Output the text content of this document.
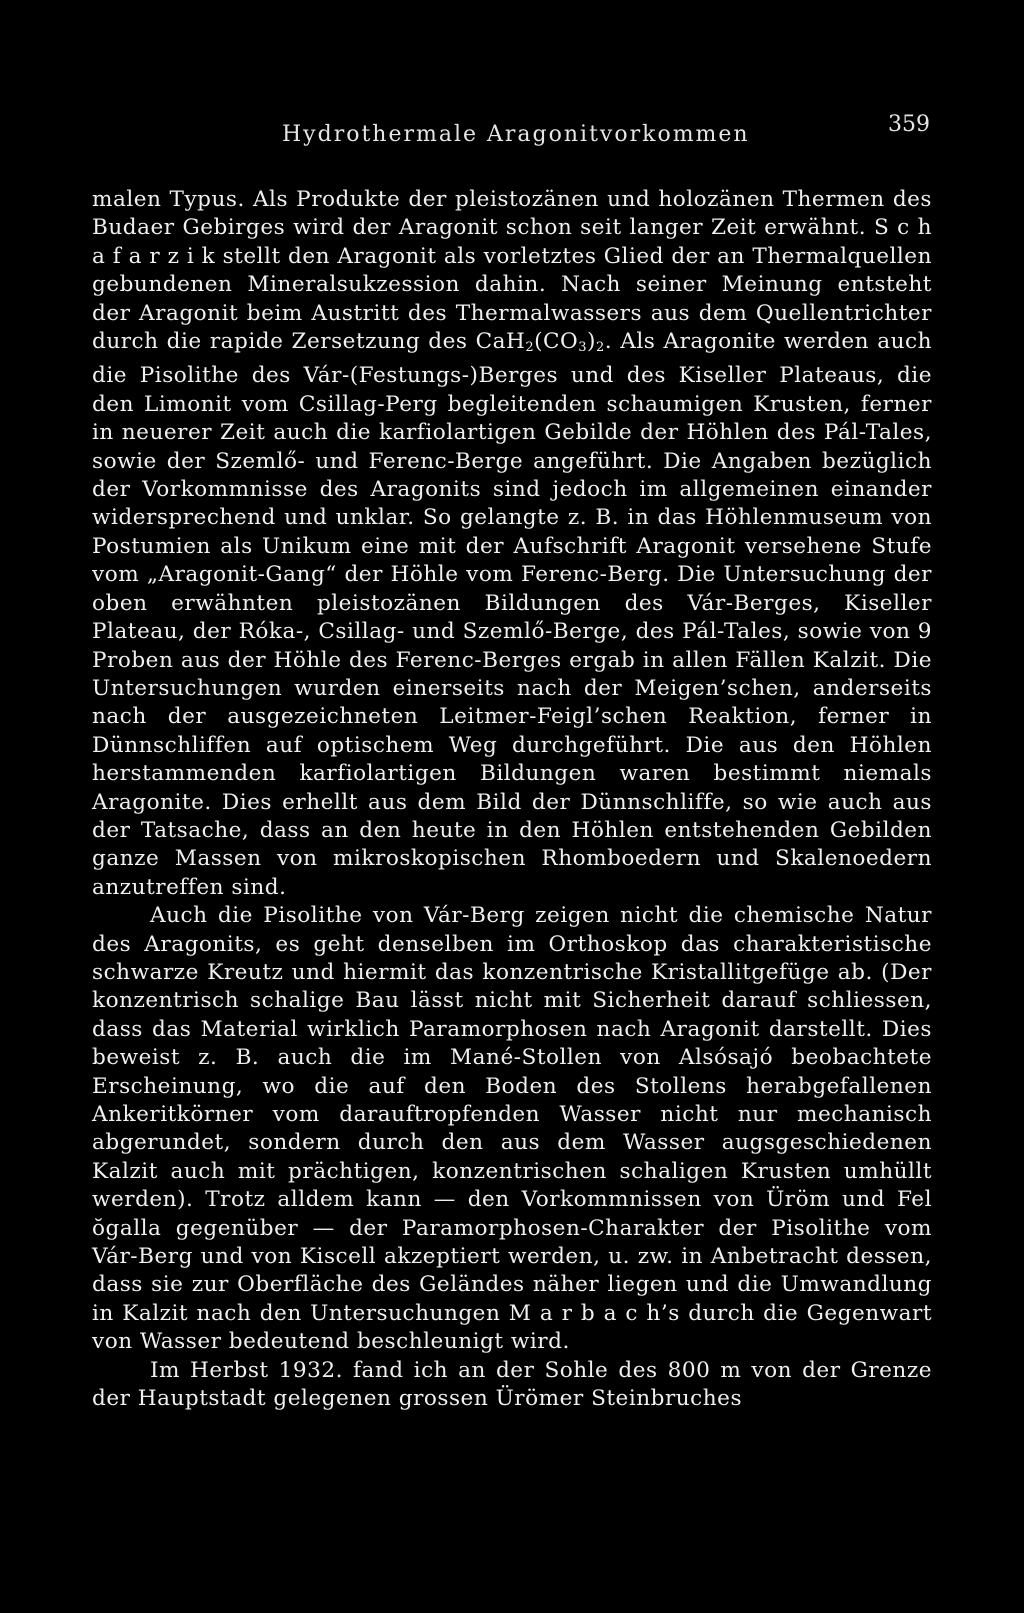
Hydrothermale Aragonitvorkommen	359

malen Typus. Als Produkte der pleistozänen und holozänen Thermen des Budaer Gebirges wird der Aragonit schon seit langer Zeit erwähnt. S c h a f a r z i k stellt den Aragonit als vorletztes Glied der an Thermalquellen gebundenen Mineralsukzession dahin. Nach seiner Meinung entsteht der Aragonit beim Austritt des Thermalwassers aus dem Quellentrichter durch die rapide Zersetzung des $CaH_2(CO_3)_2$. Als Aragonite werden auch die Pisolithe des Vár-(Festungs-)Berges und des Kiseller Plateaus, die den Limonit vom Csillag-Perg begleitenden schaumigen Krusten, ferner in neuerer Zeit auch die karfiolartigen Gebilde der Höhlen des Pál-Tales, sowie der Szemlő- und Ferenc-Berge angeführt. Die Angaben bezüglich der Vorkommnisse des Aragonits sind jedoch im allgemeinen einander widersprechend und unklar. So gelangte z. B. in das Höhlenmuseum von Postumien als Unikum eine mit der Aufschrift Aragonit versehene Stufe vom „Aragonit-Gang“ der Höhle vom Ferenc-Berg. Die Untersuchung der oben erwähnten pleistozänen Bildungen des Vár-Berges, Kiseller Plateau, der Róka-, Csillag- und Szemlő-Berge, des Pál-Tales, sowie von 9 Proben aus der Höhle des Ferenc-Berges ergab in allen Fällen Kalzit. Die Untersuchungen wurden einerseits nach der Meigen’schen, anderseits nach der ausgezeichneten Leitmer-Feigl’schen Reaktion, ferner in Dünnschliffen auf optischem Weg durchgeführt. Die aus den Höhlen herstammenden karfiolartigen Bildungen waren bestimmt niemals Aragonite. Dies erhellt aus dem Bild der Dünnschliffe, so wie auch aus der Tatsache, dass an den heute in den Höhlen entstehenden Gebilden ganze Massen von mikroskopischen Rhomboedern und Skalenoedern anzutreffen sind.

Auch die Pisolithe von Vár-Berg zeigen nicht die chemische Natur des Aragonits, es geht denselben im Orthoskop das charakteristische schwarze Kreutz und hiermit das konzentrische Kristallitgefüge ab. (Der konzentrisch schalige Bau lässt nicht mit Sicherheit darauf schliessen, dass das Material wirklich Paramorphosen nach Aragonit darstellt. Dies beweist z. B. auch die im Mané-Stollen von Alsósajó beobachtete Erscheinung, wo die auf den Boden des Stollens herabgefallenen Ankeritkörner vom darauftropfenden Wasser nicht nur mechanisch abgerundet, sondern durch den aus dem Wasser augsgeschiedenen Kalzit auch mit prächtigen, konzentrischen schaligen Krusten umhüllt werden). Trotz alldem kann — den Vorkommnissen von Üröm und Fel ŏgalla gegenüber — der Paramorphosen-Charakter der Pisolithe vom Vár-Berg und von Kiscell akzeptiert werden, u. zw. in Anbetracht dessen, dass sie zur Oberfläche des Geländes näher liegen und die Umwandlung in Kalzit nach den Untersuchungen M a r b a c h’s durch die Gegenwart von Wasser bedeutend beschleunigt wird.

Im Herbst 1932. fand ich an der Sohle des 800 m von der Grenze der Hauptstadt gelegenen grossen Ürömer Steinbruches
